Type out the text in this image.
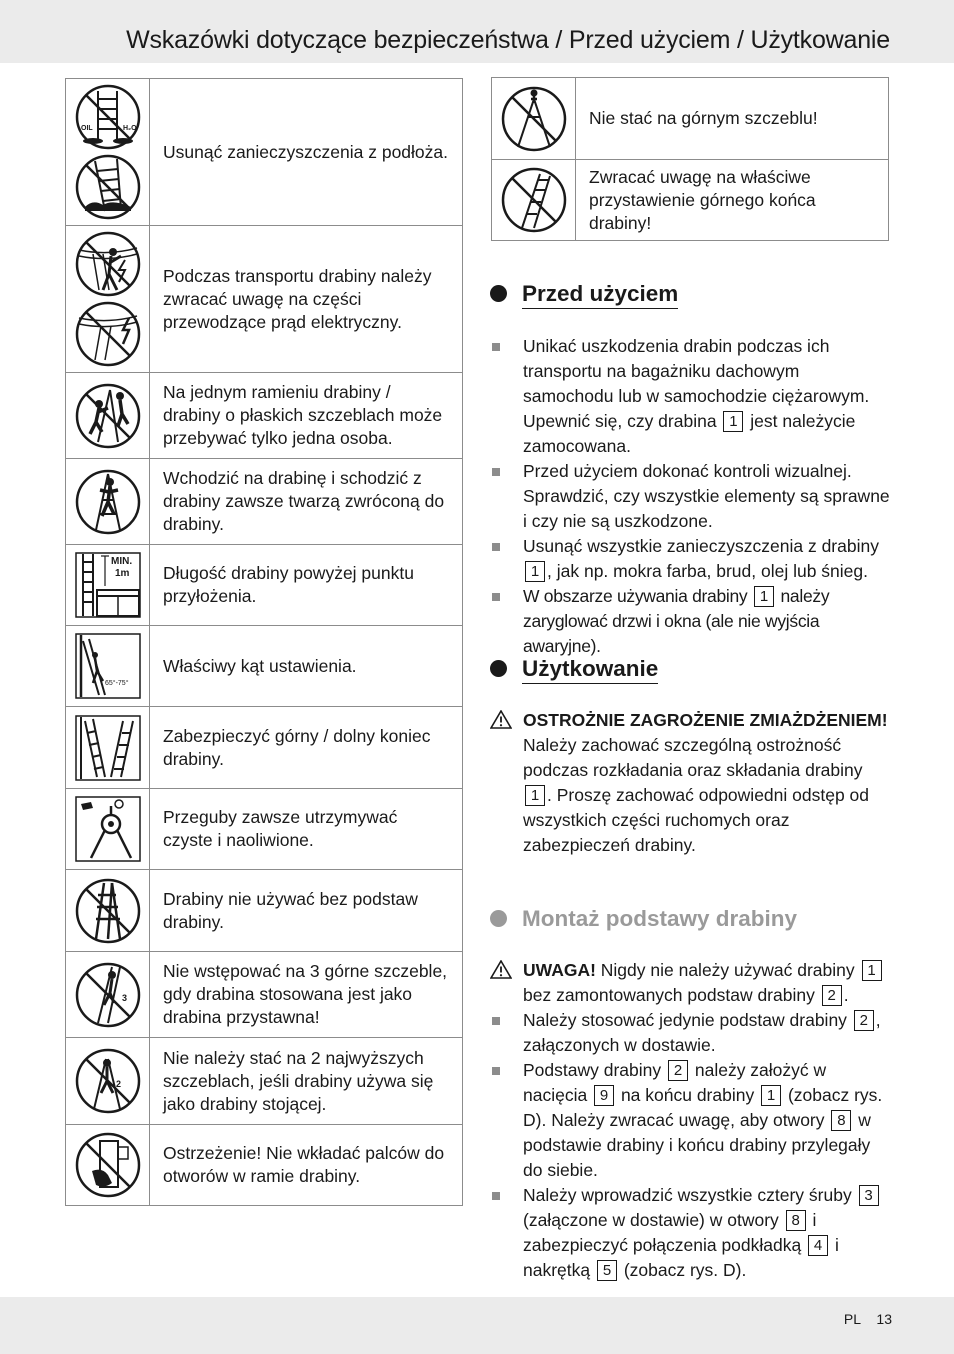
Wskazówki dotyczące bezpieczeństwa / Przed użyciem / Użytkowanie
OIL H₂O	Usunąć zanieczyszczenia z podłoża.

	Podczas transportu drabiny należy zwracać uwagę na części przewodzące prąd elektryczny.

	Na jednym ramieniu drabiny / drabiny o płaskich szczeblach może przebywać tylko jedna osoba.

	Wchodzić na drabinę i schodzić z drabiny zawsze twarzą zwróconą do drabiny.

MIN.
1m	Długość drabiny powyżej punktu przyłożenia.

65°-75°	Właściwy kąt ustawienia.

	Zabezpieczyć górny / dolny koniec drabiny.

	Przeguby zawsze utrzymywać czyste i naoliwione.

	Drabiny nie używać bez podstaw drabiny.

3	Nie wstępować na 3 górne szczeble, gdy drabina stosowana jest jako drabina przystawna!

2	Nie należy stać na 2 najwyższych szczeblach, jeśli drabiny używa się jako drabiny stojącej.

	Ostrzeżenie! Nie wkładać palców do otworów w ramie drabiny.
	Nie stać na górnym szczeblu!

	Zwracać uwagę na właściwe przystawienie górnego końca drabiny!
Przed użyciem
Unikać uszkodzenia drabin podczas ich transportu na bagażniku dachowym samochodu lub w samochodzie ciężarowym. Upewnić się, czy drabina 1 jest należycie zamocowana.
Przed użyciem dokonać kontroli wizualnej. Sprawdzić, czy wszystkie elementy są sprawne i czy nie są uszkodzone.
Usunąć wszystkie zanieczyszczenia z drabiny 1 , jak np. mokra farba, brud, olej lub śnieg.
W obszarze używania drabiny 1 należy zaryglować drzwi i okna (ale nie wyjścia awaryjne).
Użytkowanie
OSTROŻNIE ZAGROŻENIE ZMIAŻDŻENIEM! Należy zachować szczególną ostrożność podczas rozkładania oraz składania drabiny 1 . Proszę zachować odpowiedni odstęp od wszystkich części ruchomych oraz zabezpieczeń drabiny.
Montaż podstawy drabiny
UWAGA! Nigdy nie należy używać drabiny 1 bez zamontowanych podstaw drabiny 2 .
Należy stosować jedynie podstaw drabiny 2 , załączonych w dostawie.
Podstawy drabiny 2 należy założyć w nacięcia 9 na końcu drabiny 1 (zobacz rys. D). Należy zwracać uwagę, aby otwory 8 w podstawie drabiny i końcu drabiny przylegały do siebie.
Należy wprowadzić wszystkie cztery śruby 3 (załączone w dostawie) w otwory 8 i zabezpieczyć połączenia podkładką 4 i nakrętką 5 (zobacz rys. D).
PL 13
